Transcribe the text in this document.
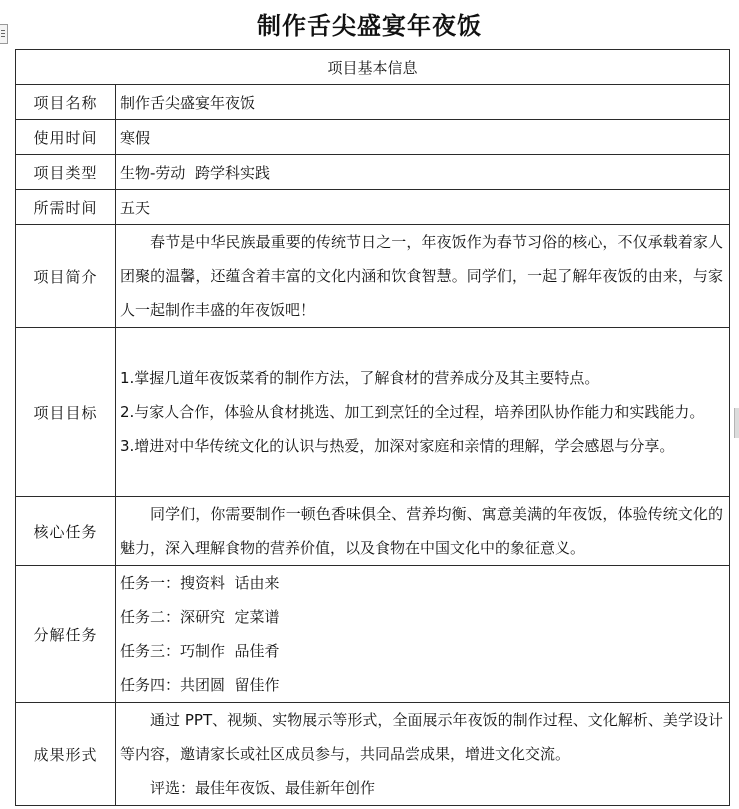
制作舌尖盛宴年夜饭
项目基本信息	
项目名称	制作舌尖盛宴年夜饭
使用时间	寒假
项目类型	生物-劳动  跨学科实践
所需时间	五天
项目简介	春节是中华民族最重要的传统节日之一，年夜饭作为春节习俗的核心，不仅承载着家人团聚的温馨，还蕴含着丰富的文化内涵和饮食智慧。同学们，一起了解年夜饭的由来，与家人一起制作丰盛的年夜饭吧！

项目目标	1.掌握几道年夜饭菜肴的制作方法，了解食材的营养成分及其主要特点。

2.与家人合作，体验从食材挑选、加工到烹饪的全过程，培养团队协作能力和实践能力。

3.增进对中华传统文化的认识与热爱，加深对家庭和亲情的理解，学会感恩与分享。

核心任务	同学们，你需要制作一顿色香味俱全、营养均衡、寓意美满的年夜饭，体验传统文化的魅力，深入理解食物的营养价值，以及食物在中国文化中的象征意义。

分解任务	任务一：搜资料  话由来

任务二：深研究  定菜谱

任务三：巧制作  品佳肴

任务四：共团圆  留佳作

成果形式	通过 PPT、视频、实物展示等形式，全面展示年夜饭的制作过程、文化解析、美学设计等内容，邀请家长或社区成员参与，共同品尝成果，增进文化交流。

评选：最佳年夜饭、最佳新年创作
